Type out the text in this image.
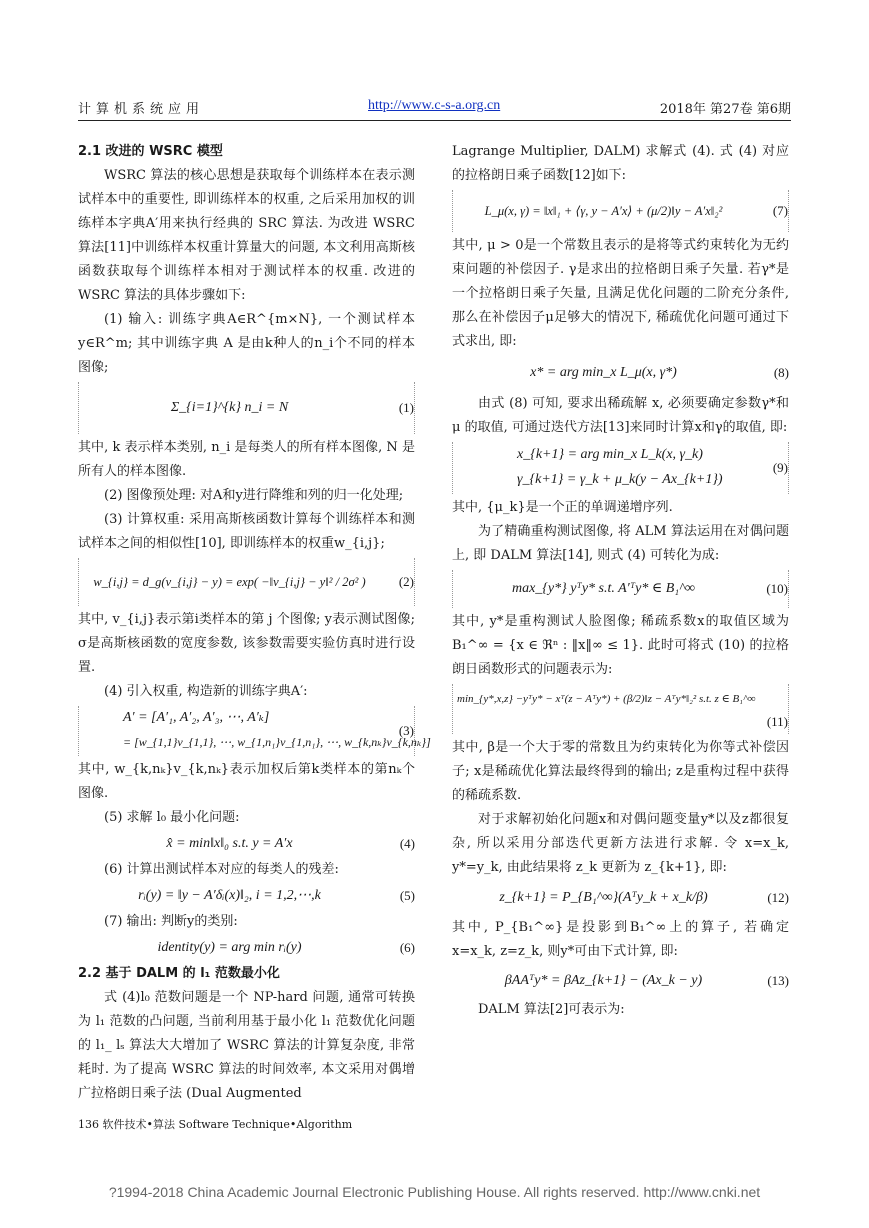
计算机系统应用	http://www.c-s-a.org.cn	2018年 第27卷 第6期

2.1 改进的 WSRC 模型

WSRC 算法的核心思想是获取每个训练样本在表示测试样本中的重要性, 即训练样本的权重, 之后采用加权的训练样本字典A′用来执行经典的 SRC 算法. 为改进 WSRC 算法[11]中训练样本权重计算量大的问题, 本文利用高斯核函数获取每个训练样本相对于测试样本的权重. 改进的 WSRC 算法的具体步骤如下:

(1) 输入: 训练字典A∈R^{m×N}, 一个测试样本y∈R^m; 其中训练字典 A 是由k种人的n_i个不同的样本图像;

Σ_{i=1}^{k} n_i = N	(1)

其中, k 表示样本类别, n_i 是每类人的所有样本图像, N 是所有人的样本图像.

(2) 图像预处理: 对A和y进行降维和列的归一化处理;

(3) 计算权重: 采用高斯核函数计算每个训练样本和测试样本之间的相似性[10], 即训练样本的权重w_{i,j};

w_{i,j} = d_g(v_{i,j} − y) = exp( −‖v_{i,j} − y‖² / 2σ² )	(2)

其中, v_{i,j}表示第i类样本的第 j 个图像; y表示测试图像; σ是高斯核函数的宽度参数, 该参数需要实验仿真时进行设置.

(4) 引入权重, 构造新的训练字典A′:

A′ = [A′₁, A′₂, A′₃, ⋯, A′ₖ]
= [w_{1,1}v_{1,1}, ⋯, w_{1,n₁}v_{1,n₁}, ⋯, w_{k,nₖ}v_{k,nₖ}]
(3)

其中, w_{k,nₖ}v_{k,nₖ}表示加权后第k类样本的第nₖ个图像.

(5) 求解 l₀ 最小化问题:

x̂ = min‖x‖₀ s.t. y = A′x	(4)

(6) 计算出测试样本对应的每类人的残差:

rᵢ(y) = ‖y − A′δᵢ(x)‖₂, i = 1,2,⋯,k	(5)

(7) 输出: 判断y的类别:

identity(y) = arg min rᵢ(y)	(6)

2.2 基于 DALM 的 l₁ 范数最小化

式 (4)l₀ 范数问题是一个 NP-hard 问题, 通常可转换为 l₁ 范数的凸问题, 当前利用基于最小化 l₁ 范数优化问题的 l₁_ lₛ 算法大大增加了 WSRC 算法的计算复杂度, 非常耗时. 为了提高 WSRC 算法的时间效率, 本文采用对偶增广拉格朗日乘子法 (Dual Augmented

Lagrange Multiplier, DALM) 求解式 (4). 式 (4) 对应的拉格朗日乘子函数[12]如下:

L_μ(x, γ) = ‖x‖₁ + ⟨γ, y − A′x⟩ + (μ/2)‖y − A′x‖₂²	(7)

其中, μ > 0是一个常数且表示的是将等式约束转化为无约束问题的补偿因子. γ是求出的拉格朗日乘子矢量. 若γ*是一个拉格朗日乘子矢量, 且满足优化问题的二阶充分条件, 那么在补偿因子μ足够大的情况下, 稀疏优化问题可通过下式求出, 即:

x* = arg min_x L_μ(x, γ*)	(8)

由式 (8) 可知, 要求出稀疏解 x, 必须要确定参数γ*和 μ 的取值, 可通过迭代方法[13]来同时计算x和γ的取值, 即:

x_{k+1} = arg min_x L_k(x, γ_k)
γ_{k+1} = γ_k + μ_k(y − Ax_{k+1})
(9)

其中, {μ_k}是一个正的单调递增序列.

为了精确重构测试图像, 将 ALM 算法运用在对偶问题上, 即 DALM 算法[14], 则式 (4) 可转化为成:

max_{y*} yᵀy* s.t. A′ᵀy* ∈ B₁^∞	(10)

其中, y*是重构测试人脸图像; 稀疏系数x的取值区域为B₁^∞ = {x ∈ ℜⁿ : ‖x‖∞ ≤ 1}. 此时可将式 (10) 的拉格朗日函数形式的问题表示为:

min_{y*,x,z} −yᵀy* − xᵀ(z − Aᵀy*) + (β/2)‖z − Aᵀy*‖₂² s.t. z ∈ B₁^∞
(11)

其中, β是一个大于零的常数且为约束转化为你等式补偿因子; x是稀疏优化算法最终得到的输出; z是重构过程中获得的稀疏系数.

对于求解初始化问题x和对偶问题变量y*以及z都很复杂, 所以采用分部迭代更新方法进行求解. 令 x=x_k, y*=y_k, 由此结果将 z_k 更新为 z_{k+1}, 即:

z_{k+1} = P_{B₁^∞}(Aᵀy_k + x_k/β)	(12)

其中, P_{B₁^∞}是投影到B₁^∞上的算子, 若确定 x=x_k, z=z_k, 则y*可由下式计算, 即:

βAAᵀy* = βAz_{k+1} − (Ax_k − y)	(13)

DALM 算法[2]可表示为:

136 软件技术•算法 Software Technique•Algorithm
?1994-2018 China Academic Journal Electronic Publishing House. All rights reserved. http://www.cnki.net
